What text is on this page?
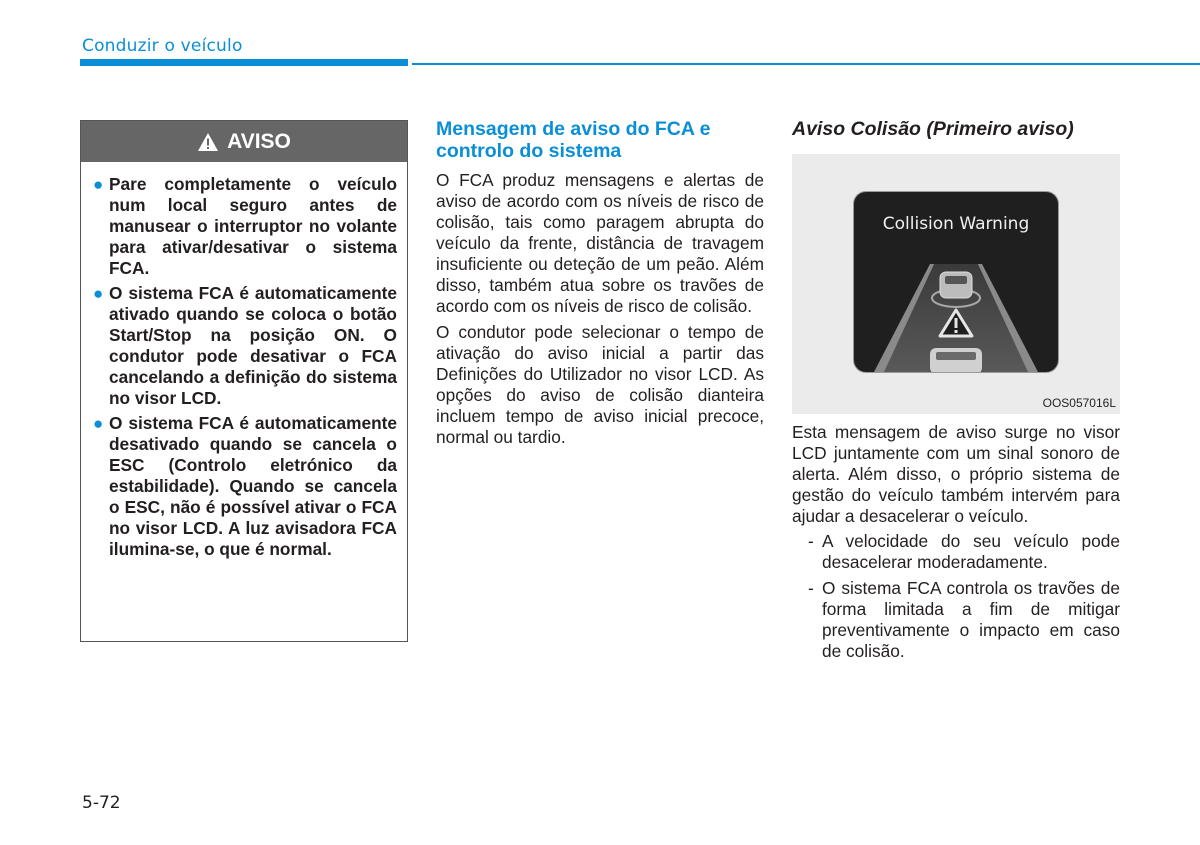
Conduzir o veículo
AVISO
● Pare completamente o veículo num local seguro antes de manusear o interruptor no volante para ativar/desativar o sistema FCA.
● O sistema FCA é automaticamente ativado quando se coloca o botão Start/Stop na posição ON. O condutor pode desativar o FCA cancelando a definição do sistema no visor LCD.
● O sistema FCA é automaticamente desativado quando se cancela o ESC (Controlo eletrónico da estabilidade). Quando se cancela o ESC, não é possível ativar o FCA no visor LCD. A luz avisadora FCA ilumina-se, o que é normal.
Mensagem de aviso do FCA e controlo do sistema

O FCA produz mensagens e alertas de aviso de acordo com os níveis de risco de colisão, tais como paragem abrupta do veículo da frente, distância de travagem insuficiente ou deteção de um peão. Além disso, também atua sobre os travões de acordo com os níveis de risco de colisão.

O condutor pode selecionar o tempo de ativação do aviso inicial a partir das Definições do Utilizador no visor LCD. As opções do aviso de colisão dianteira incluem tempo de aviso inicial precoce, normal ou tardio.

Aviso Colisão (Primeiro aviso)
Collision Warning
OOS057016L

Esta mensagem de aviso surge no visor LCD juntamente com um sinal sonoro de alerta. Além disso, o próprio sistema de gestão do veículo também intervém para ajudar a desacelerar o veículo.

- A velocidade do seu veículo pode desacelerar moderadamente.
- O sistema FCA controla os travões de forma limitada a fim de mitigar preventivamente o impacto em caso de colisão.
5-72
